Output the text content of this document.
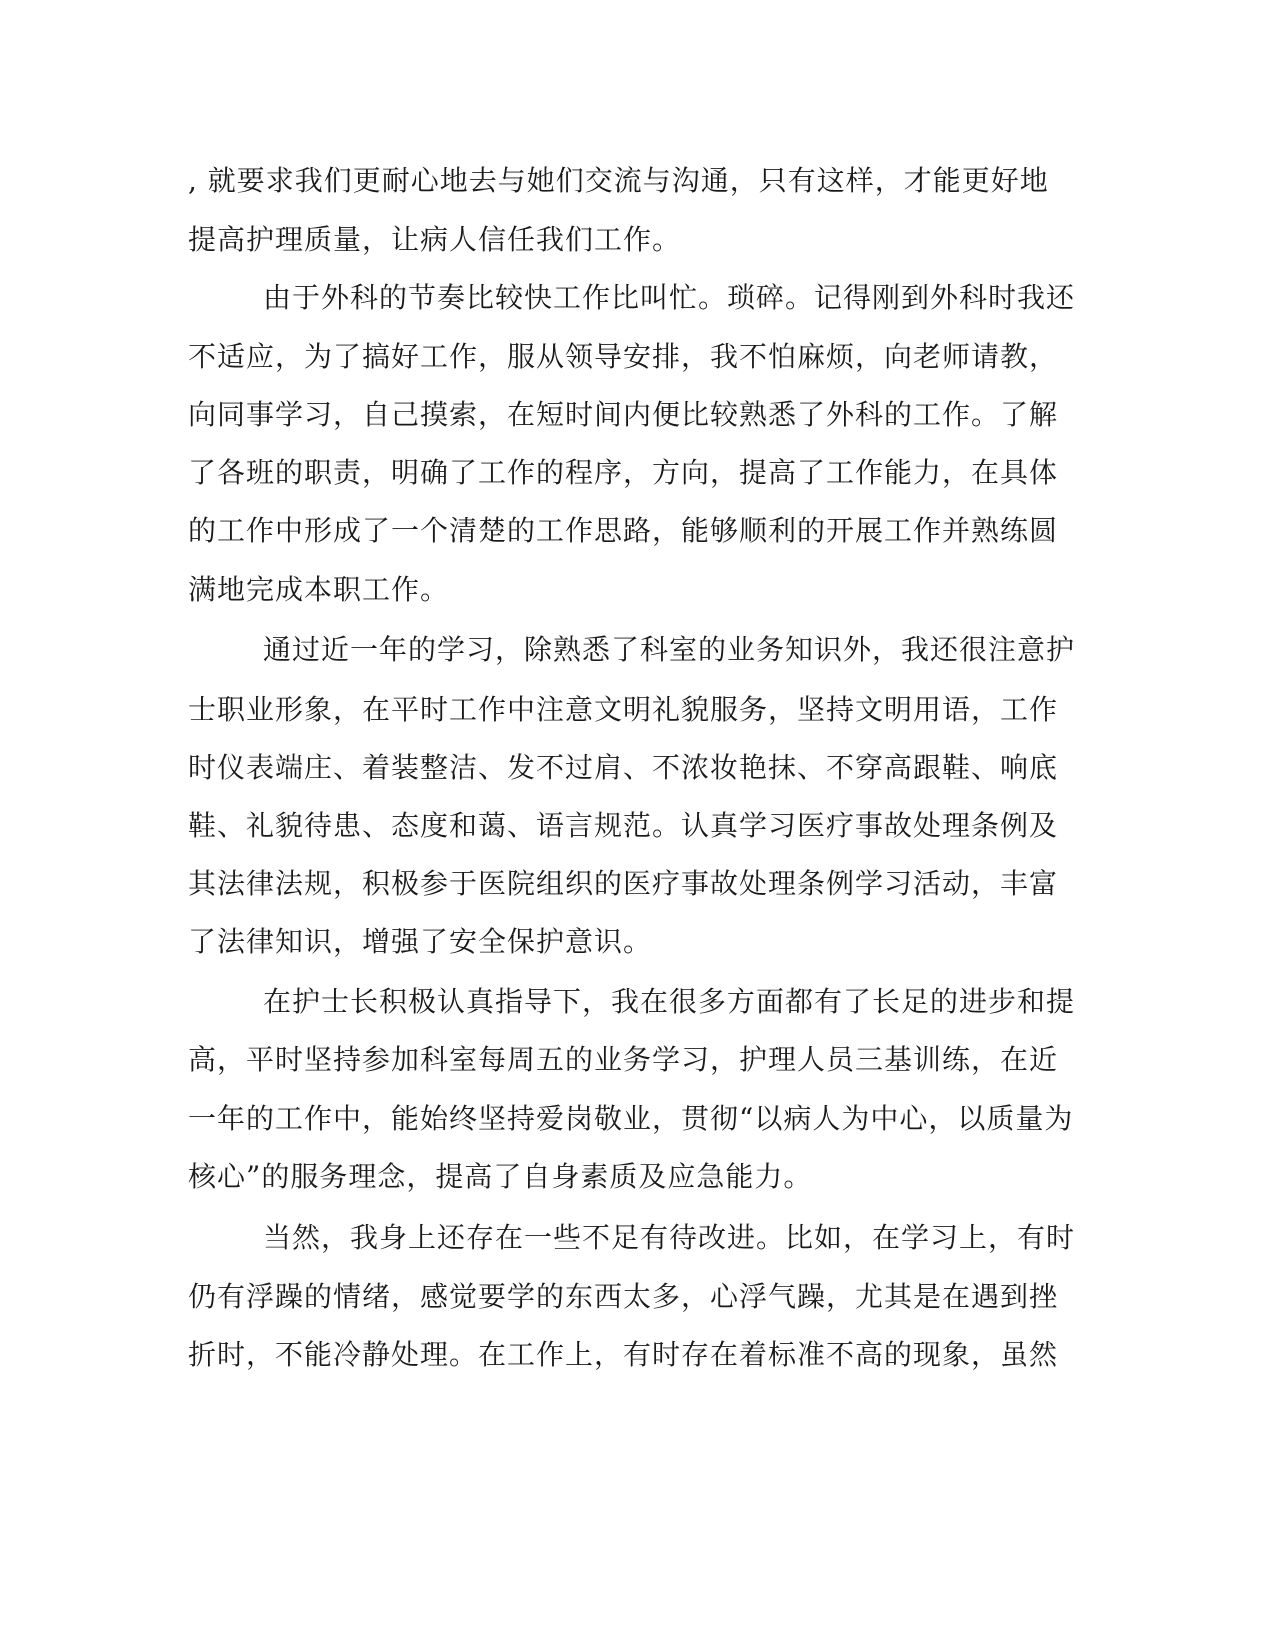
, 就要求我们更耐心地去与她们交流与沟通，只有这样，才能更好地
提高护理质量，让病人信任我们工作。
由于外科的节奏比较快工作比叫忙。琐碎。记得刚到外科时我还
不适应，为了搞好工作，服从领导安排，我不怕麻烦，向老师请教，
向同事学习，自己摸索，在短时间内便比较熟悉了外科的工作。了解
了各班的职责，明确了工作的程序，方向，提高了工作能力，在具体
的工作中形成了一个清楚的工作思路，能够顺利的开展工作并熟练圆
满地完成本职工作。
通过近一年的学习，除熟悉了科室的业务知识外，我还很注意护
士职业形象，在平时工作中注意文明礼貌服务，坚持文明用语，工作
时仪表端庄、着装整洁、发不过肩、不浓妆艳抹、不穿高跟鞋、响底
鞋、礼貌待患、态度和蔼、语言规范。认真学习医疗事故处理条例及
其法律法规，积极参于医院组织的医疗事故处理条例学习活动，丰富
了法律知识，增强了安全保护意识。
在护士长积极认真指导下，我在很多方面都有了长足的进步和提
高，平时坚持参加科室每周五的业务学习，护理人员三基训练，在近
一年的工作中，能始终坚持爱岗敬业，贯彻“以病人为中心，以质量为
核心”的服务理念，提高了自身素质及应急能力。
当然，我身上还存在一些不足有待改进。比如，在学习上，有时
仍有浮躁的情绪，感觉要学的东西太多，心浮气躁，尤其是在遇到挫
折时，不能冷静处理。在工作上，有时存在着标准不高的现象，虽然
